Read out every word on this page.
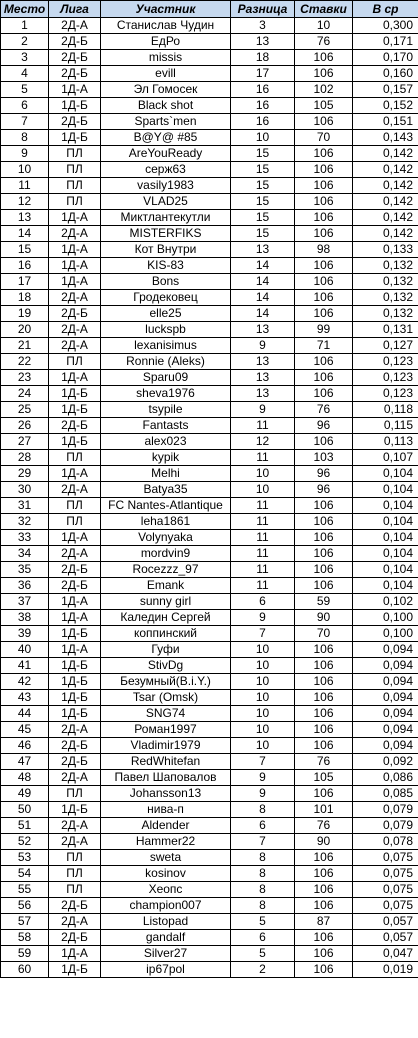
Место	Лига	Участник	Разница	Ставки	В ср
1	2Д-А	Станислав Чудин	3	10	0,300
2	2Д-Б	ЕдРо	13	76	0,171
3	2Д-Б	missis	18	106	0,170
4	2Д-Б	evill	17	106	0,160
5	1Д-А	Эл Гомосек	16	102	0,157
6	1Д-Б	Black shot	16	105	0,152
7	2Д-Б	Sparts`men	16	106	0,151
8	1Д-Б	B@Y@ #85	10	70	0,143
9	ПЛ	AreYouReady	15	106	0,142
10	ПЛ	серж63	15	106	0,142
11	ПЛ	vasily1983	15	106	0,142
12	ПЛ	VLAD25	15	106	0,142
13	1Д-А	Миктлантекутли	15	106	0,142
14	2Д-А	MISTERFIKS	15	106	0,142
15	1Д-А	Кот Внутри	13	98	0,133
16	1Д-А	KIS-83	14	106	0,132
17	1Д-А	Bons	14	106	0,132
18	2Д-А	Гродековец	14	106	0,132
19	2Д-Б	elle25	14	106	0,132
20	2Д-А	luckspb	13	99	0,131
21	2Д-А	lexanisimus	9	71	0,127
22	ПЛ	Ronnie (Aleks)	13	106	0,123
23	1Д-А	Sparu09	13	106	0,123
24	1Д-Б	sheva1976	13	106	0,123
25	1Д-Б	tsypile	9	76	0,118
26	2Д-Б	Fantasts	11	96	0,115
27	1Д-Б	alex023	12	106	0,113
28	ПЛ	kypik	11	103	0,107
29	1Д-А	Melhi	10	96	0,104
30	2Д-А	Batya35	10	96	0,104
31	ПЛ	FC Nantes-Atlantique	11	106	0,104
32	ПЛ	leha1861	11	106	0,104
33	1Д-А	Volynyaka	11	106	0,104
34	2Д-А	mordvin9	11	106	0,104
35	2Д-Б	Rocezzz_97	11	106	0,104
36	2Д-Б	Emank	11	106	0,104
37	1Д-А	sunny girl	6	59	0,102
38	1Д-А	Каледин Сергей	9	90	0,100
39	1Д-Б	коппинский	7	70	0,100
40	1Д-А	Гуфи	10	106	0,094
41	1Д-Б	StivDg	10	106	0,094
42	1Д-Б	Безумный(B.i.Y.)	10	106	0,094
43	1Д-Б	Tsar (Omsk)	10	106	0,094
44	1Д-Б	SNG74	10	106	0,094
45	2Д-А	Роман1997	10	106	0,094
46	2Д-Б	Vladimir1979	10	106	0,094
47	2Д-Б	RedWhitefan	7	76	0,092
48	2Д-А	Павел Шаповалов	9	105	0,086
49	ПЛ	Johansson13	9	106	0,085
50	1Д-Б	нива-п	8	101	0,079
51	2Д-А	Aldender	6	76	0,079
52	2Д-А	Hammer22	7	90	0,078
53	ПЛ	sweta	8	106	0,075
54	ПЛ	kosinov	8	106	0,075
55	ПЛ	Хеопс	8	106	0,075
56	2Д-Б	champion007	8	106	0,075
57	2Д-А	Listopad	5	87	0,057
58	2Д-Б	gandalf	6	106	0,057
59	1Д-А	Silver27	5	106	0,047
60	1Д-Б	ip67pol	2	106	0,019
